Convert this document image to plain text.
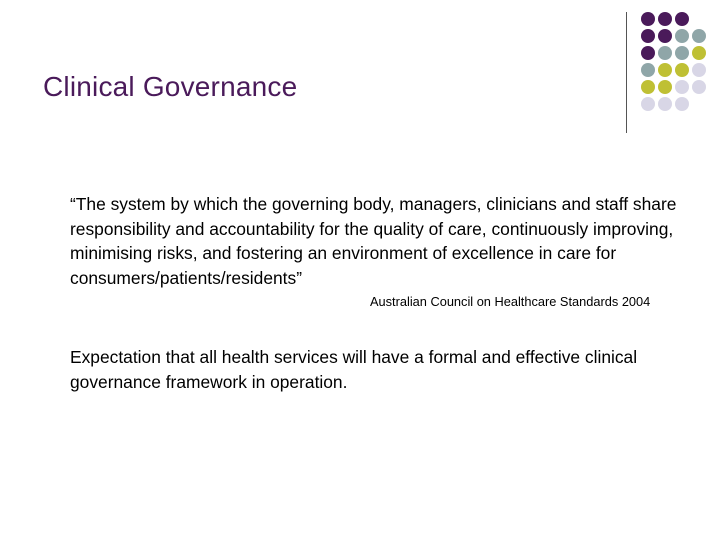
Clinical Governance
“The system by which the governing body, managers, clinicians and staff share responsibility and accountability for the quality of care, continuously improving, minimising risks, and fostering an environment of excellence in care for consumers/patients/residents”
Australian Council on Healthcare Standards 2004
Expectation that all health services will have a formal and effective clinical governance framework in operation.
